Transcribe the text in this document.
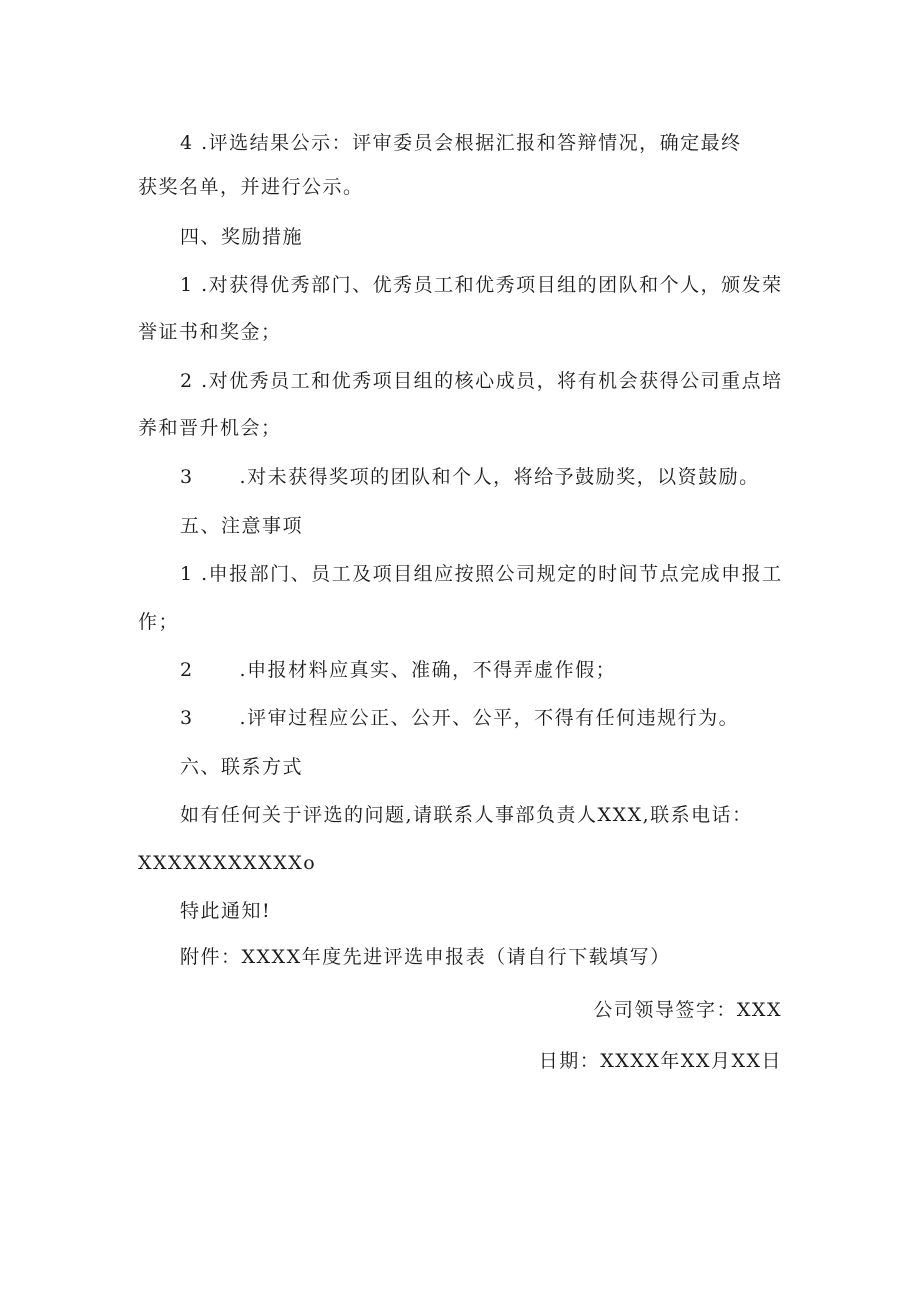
4 .评选结果公示：评审委员会根据汇报和答辩情况，确定最终
获奖名单，并进行公示。
四、奖励措施
1 .对获得优秀部门、优秀员工和优秀项目组的团队和个人，颁发荣
誉证书和奖金；
2 .对优秀员工和优秀项目组的核心成员，将有机会获得公司重点培
养和晋升机会；
3 .对未获得奖项的团队和个人，将给予鼓励奖，以资鼓励。
五、注意事项
1 .申报部门、员工及项目组应按照公司规定的时间节点完成申报工
作；
2 .申报材料应真实、准确，不得弄虚作假；
3 .评审过程应公正、公开、公平，不得有任何违规行为。
六、联系方式
如有任何关于评选的问题,请联系人事部负责人XXX,联系电话：
XXXXXXXXXXXo
特此通知!
附件：XXXX年度先进评选申报表（请自行下载填写）
公司领导签字：XXX
日期：XXXX年XX月XX日
